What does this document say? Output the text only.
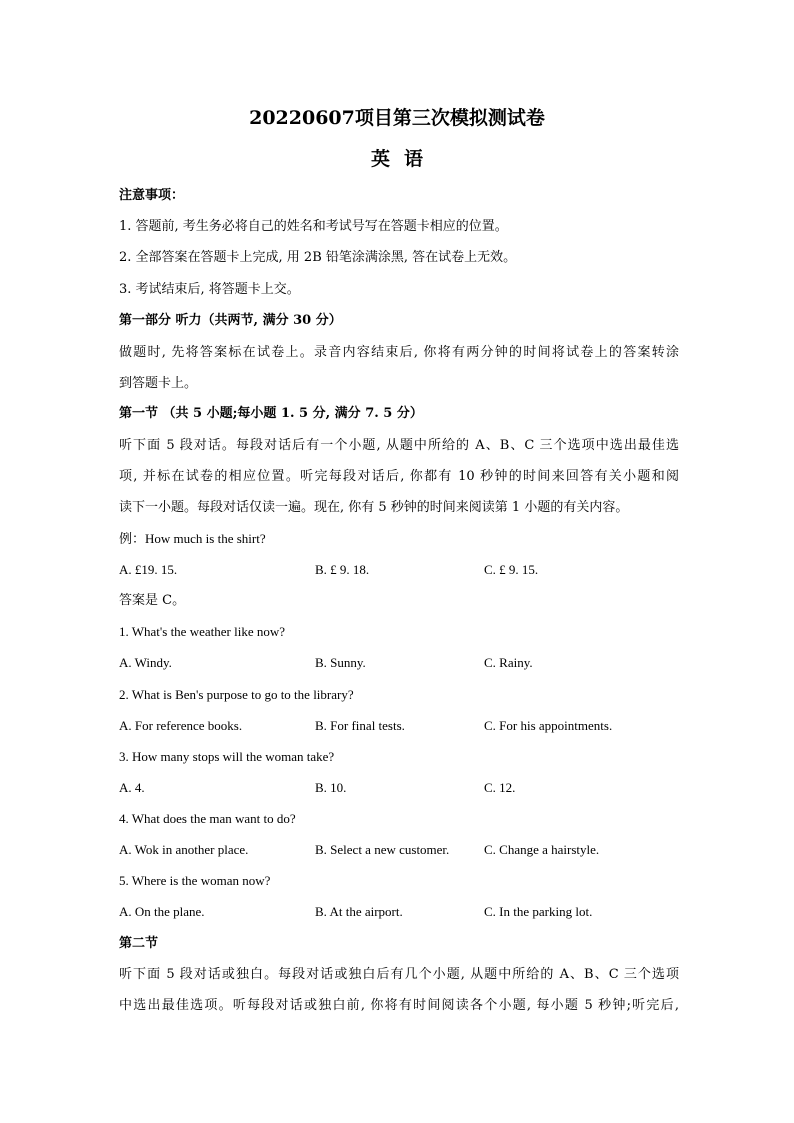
20220607项目第三次模拟测试卷
英语
注意事项：
1. 答题前, 考生务必将自己的姓名和考试号写在答题卡相应的位置。
2. 全部答案在答题卡上完成, 用 2B 铅笔涂满涂黑, 答在试卷上无效。
3. 考试结束后, 将答题卡上交。
第一部分 听力（共两节, 满分 30 分）
做题时, 先将答案标在试卷上。录音内容结束后, 你将有两分钟的时间将试卷上的答案转涂
到答题卡上。
第一节 （共 5 小题;每小题 1. 5 分, 满分 7. 5 分）
听下面 5 段对话。每段对话后有一个小题, 从题中所给的 A、B、C 三个选项中选出最佳选
项, 并标在试卷的相应位置。听完每段对话后, 你都有 10 秒钟的时间来回答有关小题和阅
读下一小题。每段对话仅读一遍。现在, 你有 5 秒钟的时间来阅读第 1 小题的有关内容。
例：How much is the shirt?
A. £19. 15.	B. £ 9. 18.	C. £ 9. 15.
答案是 C。
1. What's the weather like now?
A. Windy.	B. Sunny.	C. Rainy.
2. What is Ben's purpose to go to the library?
A. For reference books.	B. For final tests.	C. For his appointments.
3. How many stops will the woman take?
A. 4.	B. 10.	C. 12.
4. What does the man want to do?
A. Wok in another place.	B. Select a new customer.	C. Change a hairstyle.
5. Where is the woman now?
A. On the plane.	B. At the airport.	C. In the parking lot.
第二节
听下面 5 段对话或独白。每段对话或独白后有几个小题, 从题中所给的 A、B、C 三个选项
中选出最佳选项。听每段对话或独白前, 你将有时间阅读各个小题, 每小题 5 秒钟;听完后,
